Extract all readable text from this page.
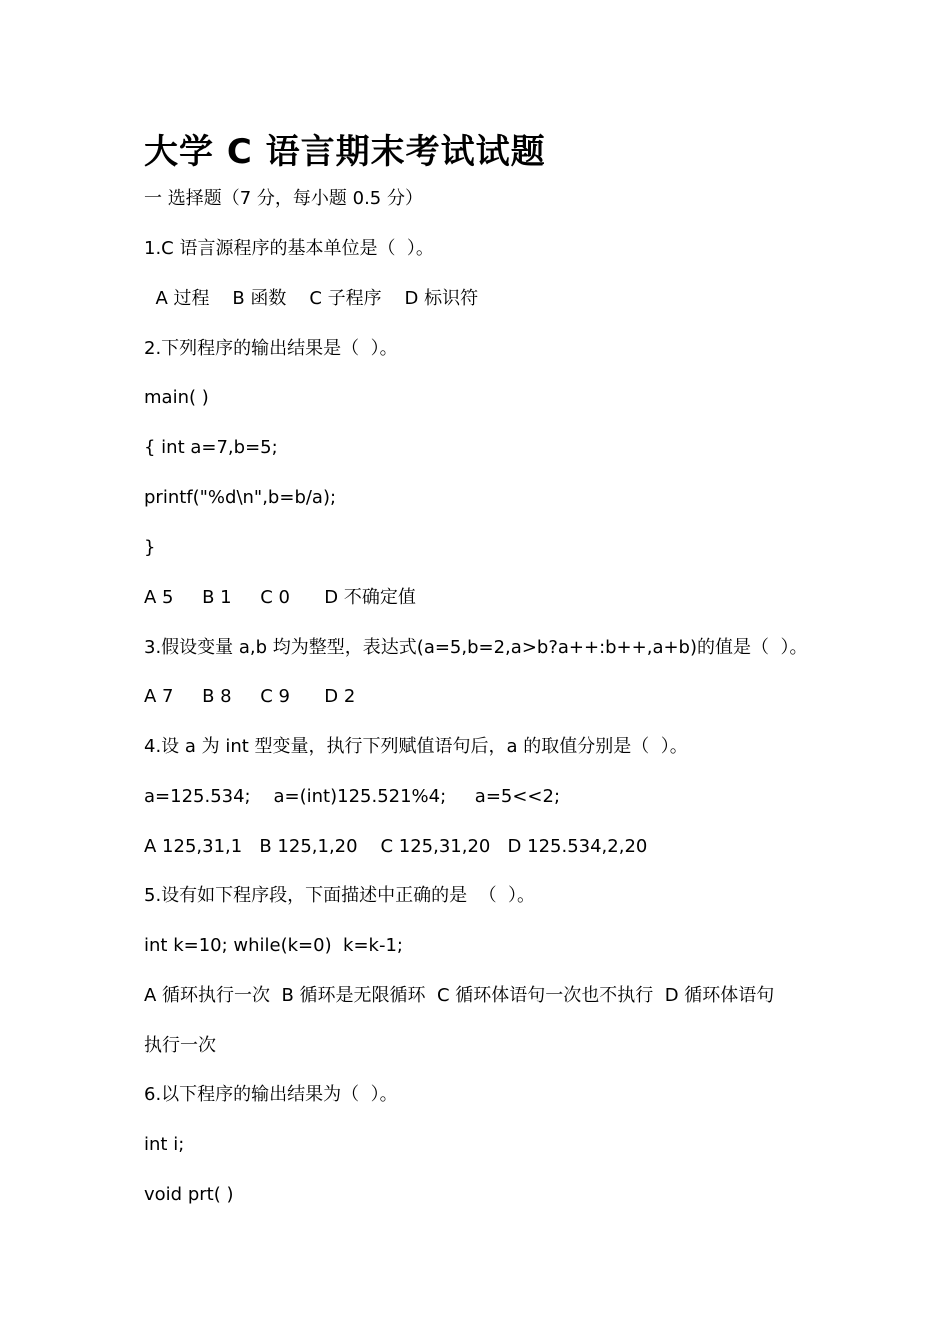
大学 C 语言期末考试试题
一 选择题（7 分，每小题 0.5 分）
1.C 语言源程序的基本单位是（  ）。
A 过程    B 函数    C 子程序    D 标识符
2.下列程序的输出结果是（  ）。
main( )
{ int a=7,b=5;
printf("%d\n",b=b/a);
}
A 5     B 1     C 0      D 不确定值
3.假设变量 a,b 均为整型，表达式(a=5,b=2,a>b?a++:b++,a+b)的值是（  ）。
A 7     B 8     C 9      D 2
4.设 a 为 int 型变量，执行下列赋值语句后，a 的取值分别是（  ）。
a=125.534;    a=(int)125.521%4;     a=5<<2;
A 125,31,1   B 125,1,20    C 125,31,20   D 125.534,2,20
5.设有如下程序段，下面描述中正确的是  （  ）。
int k=10; while(k=0)  k=k-1;
A 循环执行一次  B 循环是无限循环  C 循环体语句一次也不执行  D 循环体语句
执行一次
6.以下程序的输出结果为（  ）。
int i;
void prt( )
